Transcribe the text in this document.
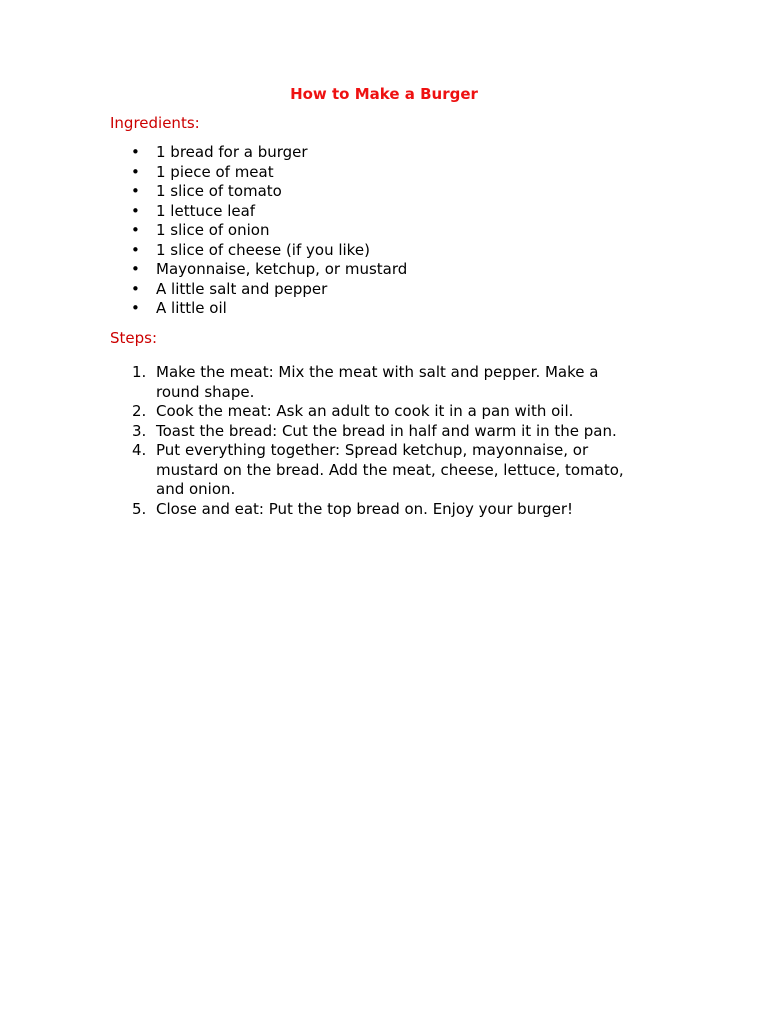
How to Make a Burger
Ingredients:
• 1 bread for a burger
• 1 piece of meat
• 1 slice of tomato
• 1 lettuce leaf
• 1 slice of onion
• 1 slice of cheese (if you like)
• Mayonnaise, ketchup, or mustard
• A little salt and pepper
• A little oil
Steps:
1. Make the meat: Mix the meat with salt and pepper. Make a round shape.
2. Cook the meat: Ask an adult to cook it in a pan with oil.
3. Toast the bread: Cut the bread in half and warm it in the pan.
4. Put everything together: Spread ketchup, mayonnaise, or mustard on the bread. Add the meat, cheese, lettuce, tomato, and onion.
5. Close and eat: Put the top bread on. Enjoy your burger!
